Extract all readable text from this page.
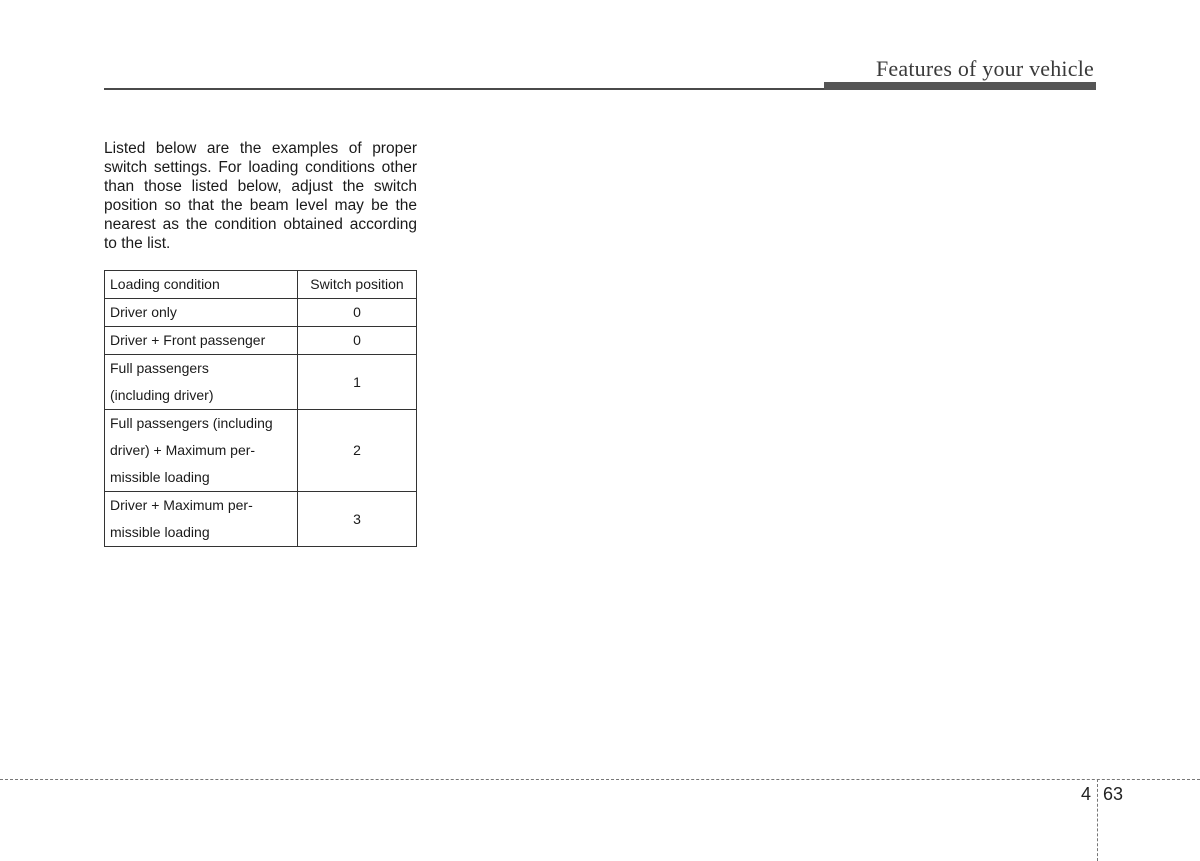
Features of your vehicle

Listed below are the examples of proper switch settings. For loading conditions other than those listed below, adjust the switch position so that the beam level may be the nearest as the condition obtained according to the list.

Loading condition	Switch position
Driver only	0
Driver + Front passenger	0

Full passengers
(including driver)	1

Full passengers (including
driver) + Maximum per-
missible loading	2

Driver + Maximum per-
missible loading	3
4 63
